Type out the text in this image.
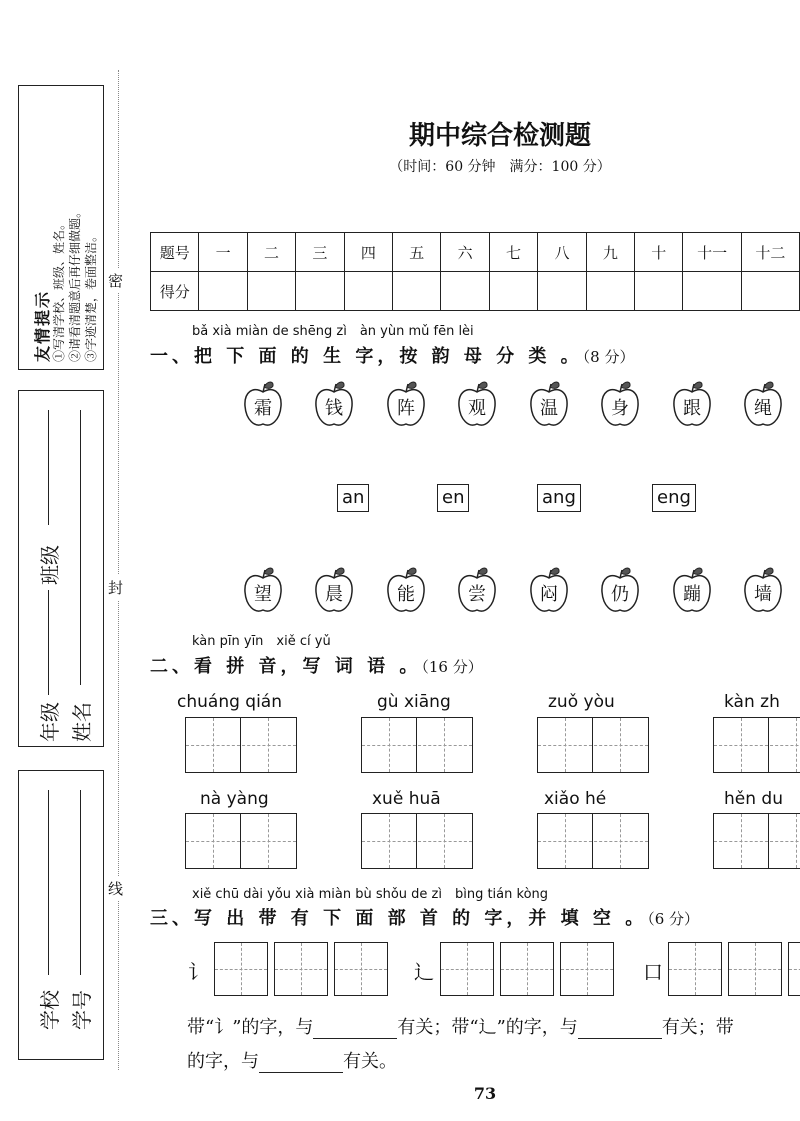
友情提示 ①写清学校、班级、姓名。 ②请看清题意后再仔细做题。 ③字迹清楚，卷面整洁。
年级
班级
姓名
学校 学号
密
封
线
期中综合检测题
（时间：60 分钟　满分：100 分）
题号	一	二	三	四	五	六	七	八	九	十	十一	十二
得分												
bǎ xià miàn de shēng zì　àn yùn mǔ fēn lèi
一、把 下 面 的 生 字，按 韵 母 分 类 。（8 分）
霜	钱	阵	观	温	身	跟	绳
an	en	ang	eng
望	晨	能	尝	闷	仍	蹦	墙
kàn pīn yīn　xiě cí yǔ
二、看 拼 音，写 词 语 。（16 分）
chuáng qián	gù xiāng	zuǒ yòu	kàn zh
nà yàng	xuě huā	xiǎo hé	hěn du
xiě chū dài yǒu xià miàn bù shǒu de zì　bìng tián kòng
三、写 出 带 有 下 面 部 首 的 字，并 填 空 。（6 分）
讠	辶	口
带“讠”的字，与	有关；带“辶”的字，与	有关；带
的字，与	有关。
73
